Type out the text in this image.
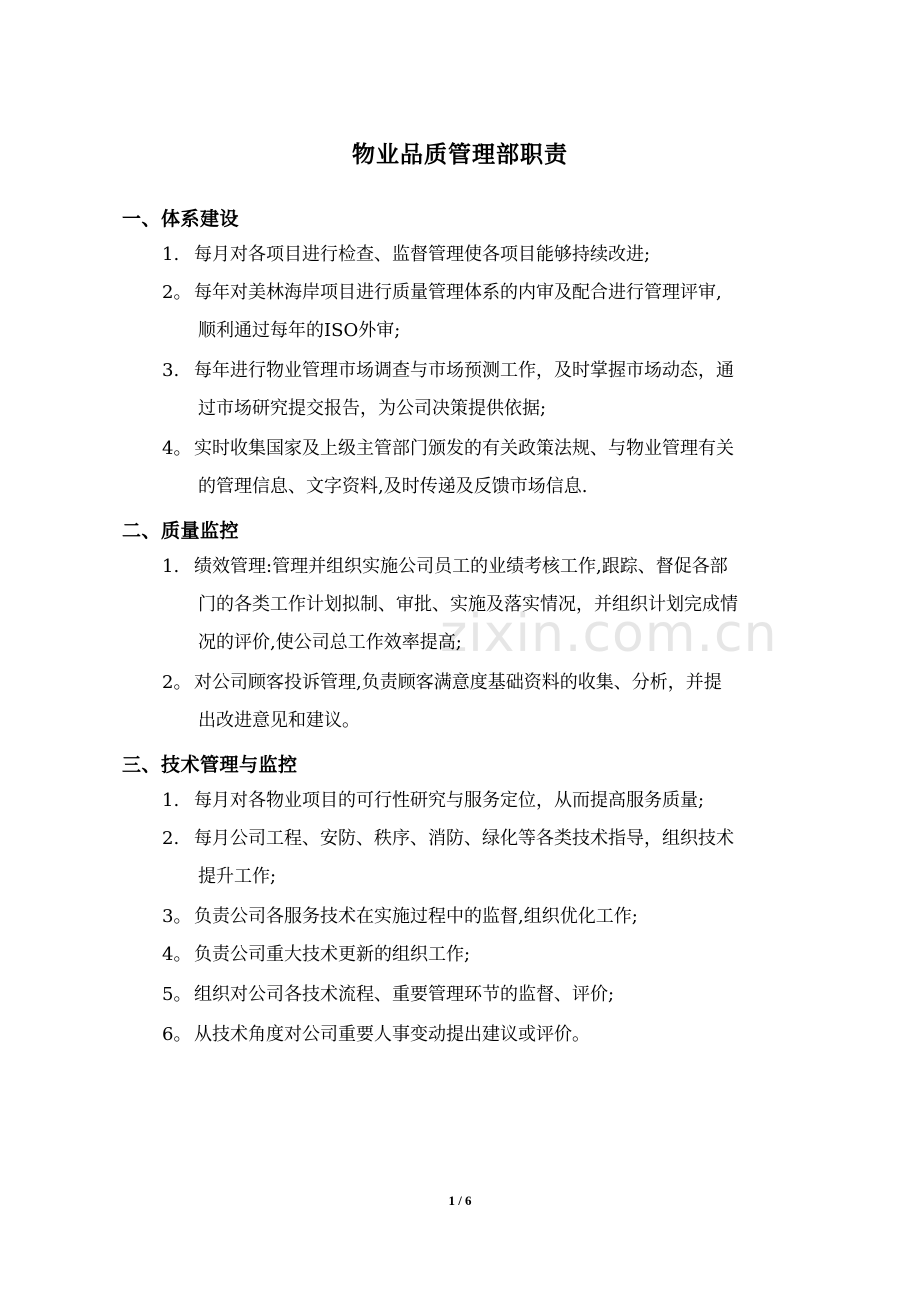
zixin.com.cn
物业品质管理部职责
一、体系建设
1. 每月对各项目进行检查、监督管理使各项目能够持续改进;
2。 每年对美林海岸项目进行质量管理体系的内审及配合进行管理评审,
顺利通过每年的ISO外审;
3. 每年进行物业管理市场调查与市场预测工作，及时掌握市场动态，通
过市场研究提交报告，为公司决策提供依据;
4。 实时收集国家及上级主管部门颁发的有关政策法规、与物业管理有关
的管理信息、文字资料,及时传递及反馈市场信息.
二、质量监控
1. 绩效管理:管理并组织实施公司员工的业绩考核工作,跟踪、督促各部
门的各类工作计划拟制、审批、实施及落实情况，并组织计划完成情
况的评价,使公司总工作效率提高;
2。 对公司顾客投诉管理,负责顾客满意度基础资料的收集、分析，并提
出改进意见和建议。
三、技术管理与监控
1. 每月对各物业项目的可行性研究与服务定位，从而提高服务质量;
2. 每月公司工程、安防、秩序、消防、绿化等各类技术指导，组织技术
提升工作;
3。 负责公司各服务技术在实施过程中的监督,组织优化工作;
4。 负责公司重大技术更新的组织工作;
5。 组织对公司各技术流程、重要管理环节的监督、评价;
6。 从技术角度对公司重要人事变动提出建议或评价。
1 / 6
